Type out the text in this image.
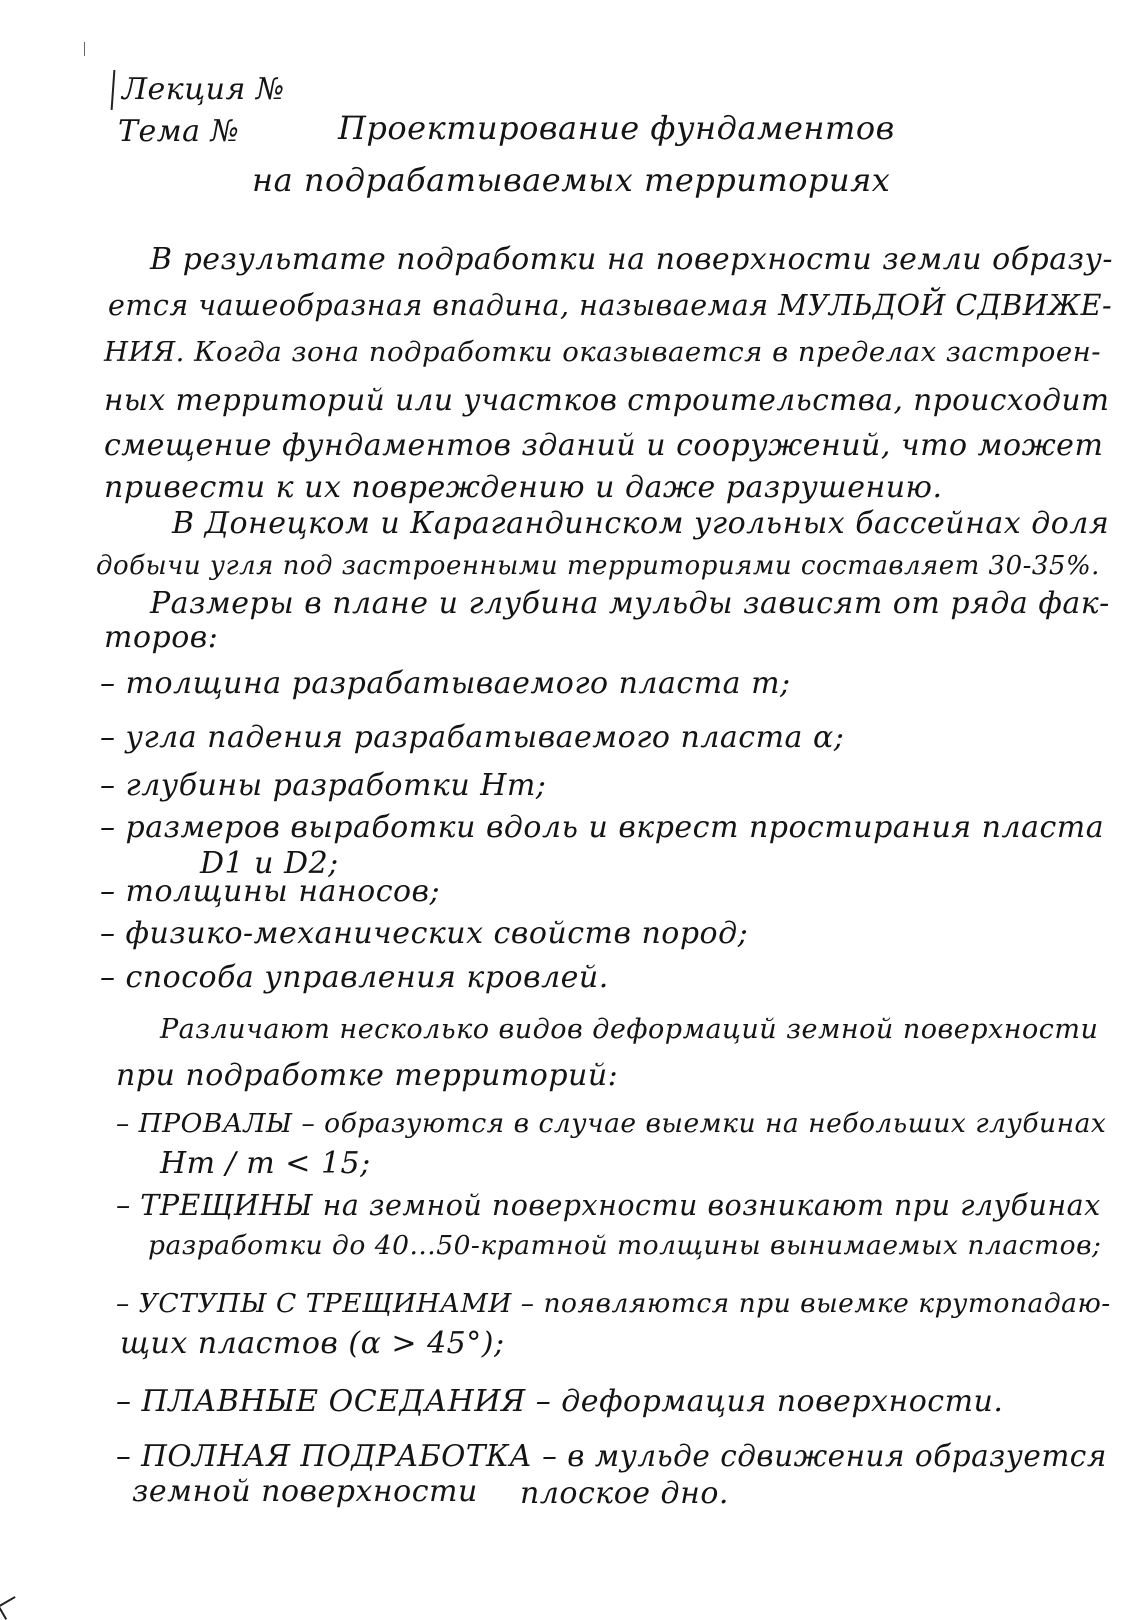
Лекция №
Тема №	Проектирование фундаментов
на подрабатываемых территориях
В результате подработки на поверхности земли образу-
ется чашеобразная впадина, называемая МУЛЬДОЙ СДВИЖЕ-
НИЯ. Когда зона подработки оказывается в пределах застроен-
ных территорий или участков строительства, происходит
смещение фундаментов зданий и сооружений, что может
привести к их повреждению и даже разрушению.
В Донецком и Карагандинском угольных бассейнах доля
добычи угля под застроенными территориями составляет 30-35%.
Размеры в плане и глубина мульды зависят от ряда фак-
торов:
– толщина разрабатываемого пласта m;
– угла падения разрабатываемого пласта α;
– глубины разработки Hm;
– размеров выработки вдоль и вкрест простирания пласта
D1 и D2;
– толщины наносов;
– физико-механических свойств пород;
– способа управления кровлей.
Различают несколько видов деформаций земной поверхности
при подработке территорий:
– ПРОВАЛЫ – образуются в случае выемки на небольших глубинах
Hm / m < 15;
– ТРЕЩИНЫ на земной поверхности возникают при глубинах
разработки до 40...50-кратной толщины вынимаемых пластов;
– УСТУПЫ С ТРЕЩИНАМИ – появляются при выемке крутопадаю-
щих пластов (α > 45°);
– ПЛАВНЫЕ ОСЕДАНИЯ – деформация поверхности.
– ПОЛНАЯ ПОДРАБОТКА – в мульде сдвижения образуется
земной поверхности плоское дно.
